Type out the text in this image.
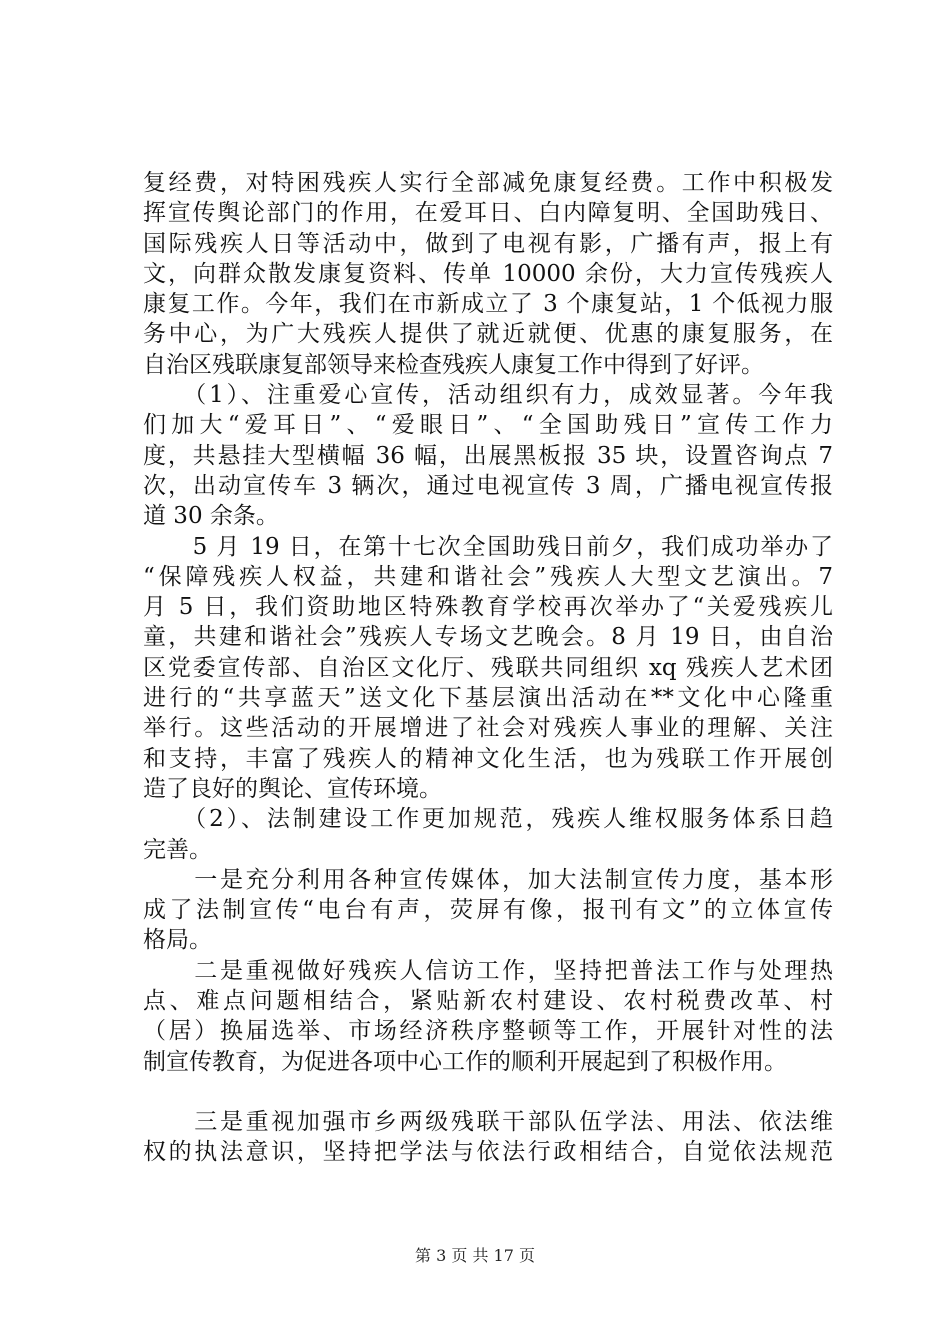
复经费，对特困残疾人实行全部减免康复经费。工作中积极发
挥宣传舆论部门的作用，在爱耳日、白内障复明、全国助残日、
国际残疾人日等活动中，做到了电视有影，广播有声，报上有
文，向群众散发康复资料、传单 10000 余份，大力宣传残疾人
康复工作。今年，我们在市新成立了 3 个康复站，1 个低视力服
务中心，为广大残疾人提供了就近就便、优惠的康复服务，在
自治区残联康复部领导来检查残疾人康复工作中得到了好评。
　　（1）、注重爱心宣传，活动组织有力，成效显著。今年我
们加大“爱耳日”、“爱眼日”、“全国助残日”宣传工作力
度，共悬挂大型横幅 36 幅，出展黑板报 35 块，设置咨询点 7
次，出动宣传车 3 辆次，通过电视宣传 3 周，广播电视宣传报
道 30 余条。
　　5 月 19 日，在第十七次全国助残日前夕，我们成功举办了
“保障残疾人权益，共建和谐社会”残疾人大型文艺演出。7
月 5 日，我们资助地区特殊教育学校再次举办了“关爱残疾儿
童，共建和谐社会”残疾人专场文艺晚会。8 月 19 日，由自治
区党委宣传部、自治区文化厅、残联共同组织 xq 残疾人艺术团
进行的“共享蓝天”送文化下基层演出活动在**文化中心隆重
举行。这些活动的开展增进了社会对残疾人事业的理解、关注
和支持，丰富了残疾人的精神文化生活，也为残联工作开展创
造了良好的舆论、宣传环境。
　　（2）、法制建设工作更加规范，残疾人维权服务体系日趋
完善。
　　一是充分利用各种宣传媒体，加大法制宣传力度，基本形
成了法制宣传“电台有声，荧屏有像，报刊有文”的立体宣传
格局。
　　二是重视做好残疾人信访工作，坚持把普法工作与处理热
点、难点问题相结合，紧贴新农村建设、农村税费改革、村
（居）换届选举、市场经济秩序整顿等工作，开展针对性的法
制宣传教育，为促进各项中心工作的顺利开展起到了积极作用。
　　三是重视加强市乡两级残联干部队伍学法、用法、依法维
权的执法意识，坚持把学法与依法行政相结合，自觉依法规范
第 3 页 共 17 页
